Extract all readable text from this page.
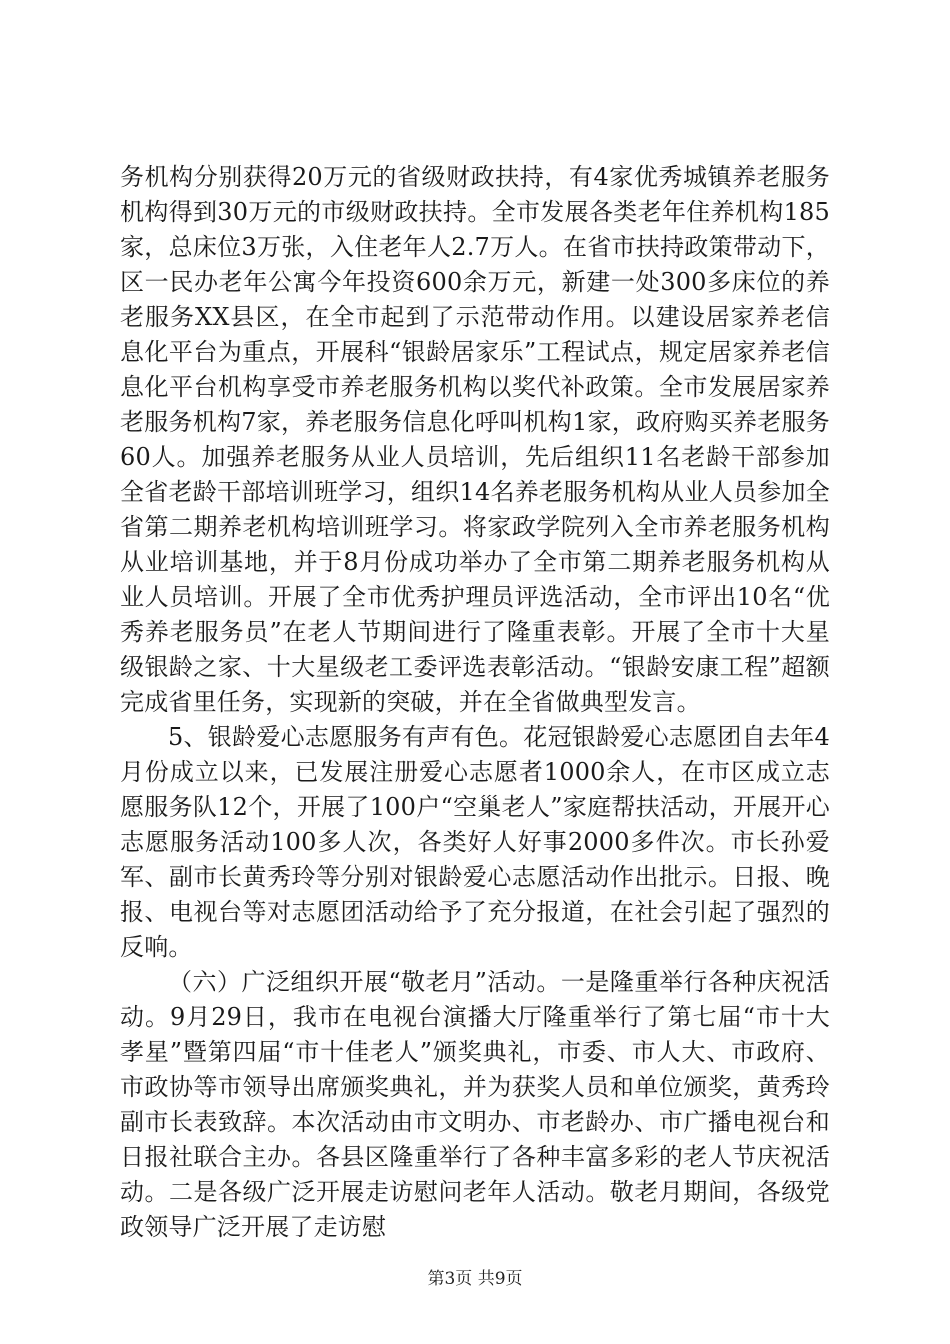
务机构分别获得20万元的省级财政扶持，有4家优秀城镇养老服务机构得到30万元的市级财政扶持。全市发展各类老年住养机构185家，总床位3万张，入住老年人2.7万人。在省市扶持政策带动下，区一民办老年公寓今年投资600余万元，新建一处300多床位的养老服务XX县区，在全市起到了示范带动作用。以建设居家养老信息化平台为重点，开展科“银龄居家乐”工程试点，规定居家养老信息化平台机构享受市养老服务机构以奖代补政策。全市发展居家养老服务机构7家，养老服务信息化呼叫机构1家，政府购买养老服务60人。加强养老服务从业人员培训，先后组织11名老龄干部参加全省老龄干部培训班学习，组织14名养老服务机构从业人员参加全省第二期养老机构培训班学习。将家政学院列入全市养老服务机构从业培训基地，并于8月份成功举办了全市第二期养老服务机构从业人员培训。开展了全市优秀护理员评选活动，全市评出10名“优秀养老服务员”在老人节期间进行了隆重表彰。开展了全市十大星级银龄之家、十大星级老工委评选表彰活动。“银龄安康工程”超额完成省里任务，实现新的突破，并在全省做典型发言。

5、银龄爱心志愿服务有声有色。花冠银龄爱心志愿团自去年4月份成立以来，已发展注册爱心志愿者1000余人，在市区成立志愿服务队12个，开展了100户“空巢老人”家庭帮扶活动，开展开心志愿服务活动100多人次，各类好人好事2000多件次。市长孙爱军、副市长黄秀玲等分别对银龄爱心志愿活动作出批示。日报、晚报、电视台等对志愿团活动给予了充分报道，在社会引起了强烈的反响。

（六）广泛组织开展“敬老月”活动。一是隆重举行各种庆祝活动。9月29日，我市在电视台演播大厅隆重举行了第七届“市十大孝星”暨第四届“市十佳老人”颁奖典礼，市委、市人大、市政府、市政协等市领导出席颁奖典礼，并为获奖人员和单位颁奖，黄秀玲副市长表致辞。本次活动由市文明办、市老龄办、市广播电视台和日报社联合主办。各县区隆重举行了各种丰富多彩的老人节庆祝活动。二是各级广泛开展走访慰问老年人活动。敬老月期间，各级党政领导广泛开展了走访慰

第3页 共9页
